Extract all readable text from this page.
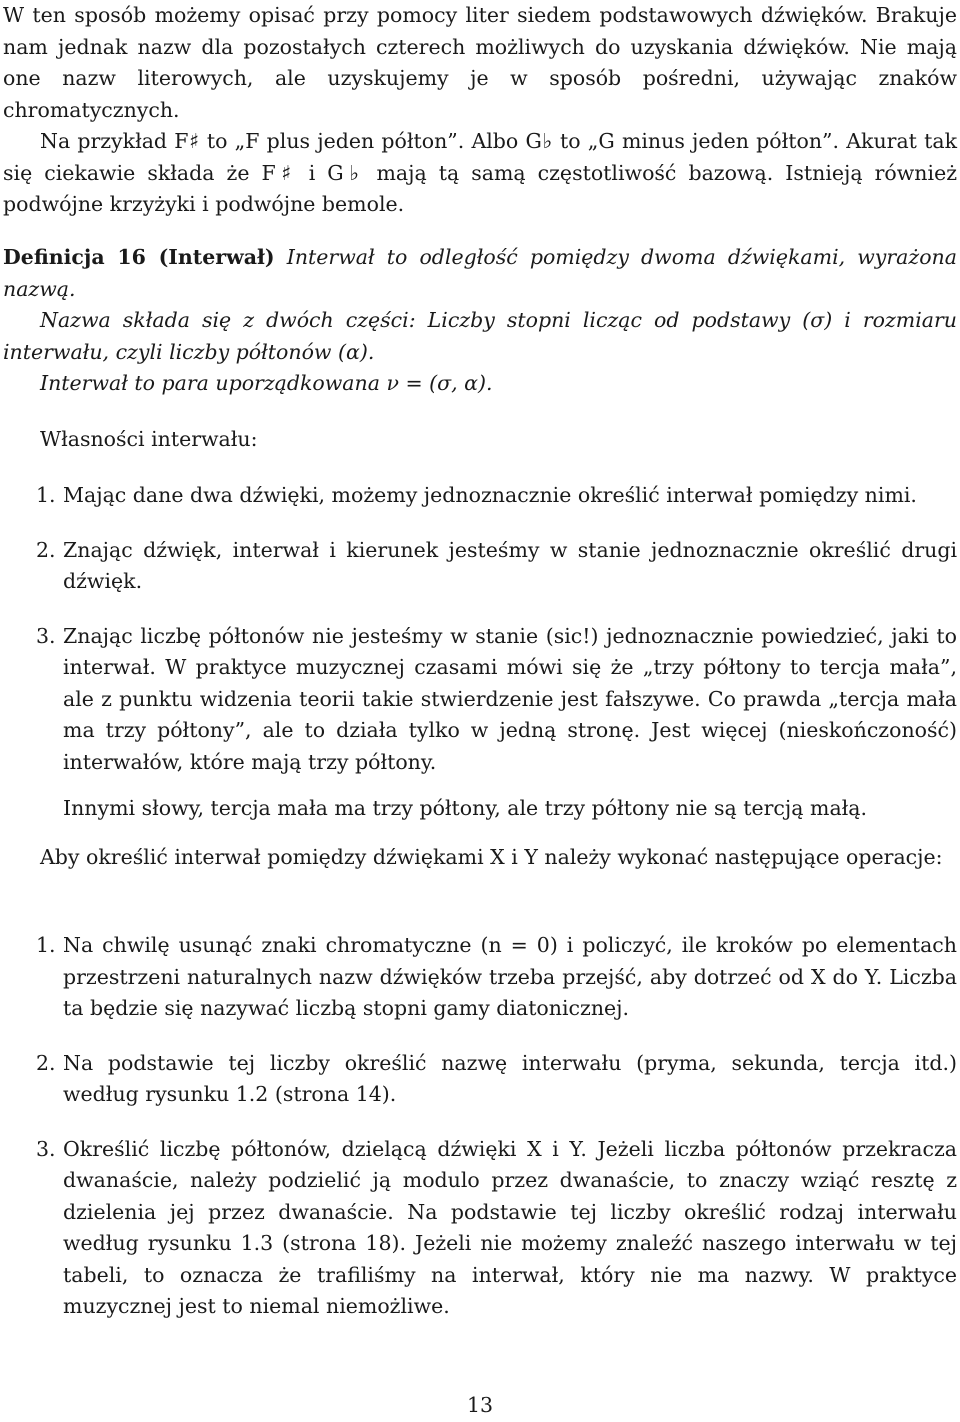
W ten sposób możemy opisać przy pomocy liter siedem podstawowych dźwięków. Brakuje nam jednak nazw dla pozostałych czterech możliwych do uzyskania dźwięków. Nie mają one nazw literowych, ale uzyskujemy je w sposób pośredni, używając znaków chromatycznych.

Na przykład F♯ to „F plus jeden półton”. Albo G♭ to „G minus jeden półton”. Akurat tak się ciekawie składa że F♯ i G♭ mają tą samą częstotliwość bazową. Istnieją również podwójne krzyżyki i podwójne bemole.

Definicja 16 (Interwał) Interwał to odległość pomiędzy dwoma dźwiękami, wyrażona nazwą.

Nazwa składa się z dwóch części: Liczby stopni licząc od podstawy (σ) i rozmiaru interwału, czyli liczby półtonów (α).

Interwał to para uporządkowana ν = (σ, α).

Własności interwału:

1. Mając dane dwa dźwięki, możemy jednoznacznie określić interwał pomiędzy nimi.
2. Znając dźwięk, interwał i kierunek jesteśmy w stanie jednoznacznie określić drugi dźwięk.
3. Znając liczbę półtonów nie jesteśmy w stanie (sic!) jednoznacznie powiedzieć, jaki to interwał. W praktyce muzycznej czasami mówi się że „trzy półtony to tercja mała”, ale z punktu widzenia teorii takie stwierdzenie jest fałszywe. Co prawda „tercja mała ma trzy półtony”, ale to działa tylko w jedną stronę. Jest więcej (nieskończoność) interwałów, które mają trzy półtony.

Innymi słowy, tercja mała ma trzy półtony, ale trzy półtony nie są tercją małą.

Aby określić interwał pomiędzy dźwiękami X i Y należy wykonać następujące operacje:

1. Na chwilę usunąć znaki chromatyczne (n = 0) i policzyć, ile kroków po elementach przestrzeni naturalnych nazw dźwięków trzeba przejść, aby dotrzeć od X do Y. Liczba ta będzie się nazywać liczbą stopni gamy diatonicznej.
2. Na podstawie tej liczby określić nazwę interwału (pryma, sekunda, tercja itd.) według rysunku 1.2 (strona 14).
3. Określić liczbę półtonów, dzielącą dźwięki X i Y. Jeżeli liczba półtonów przekracza dwanaście, należy podzielić ją modulo przez dwanaście, to znaczy wziąć resztę z dzielenia jej przez dwanaście. Na podstawie tej liczby określić rodzaj interwału według rysunku 1.3 (strona 18). Jeżeli nie możemy znaleźć naszego interwału w tej tabeli, to oznacza że trafiliśmy na interwał, który nie ma nazwy. W praktyce muzycznej jest to niemal niemożliwe.
13
